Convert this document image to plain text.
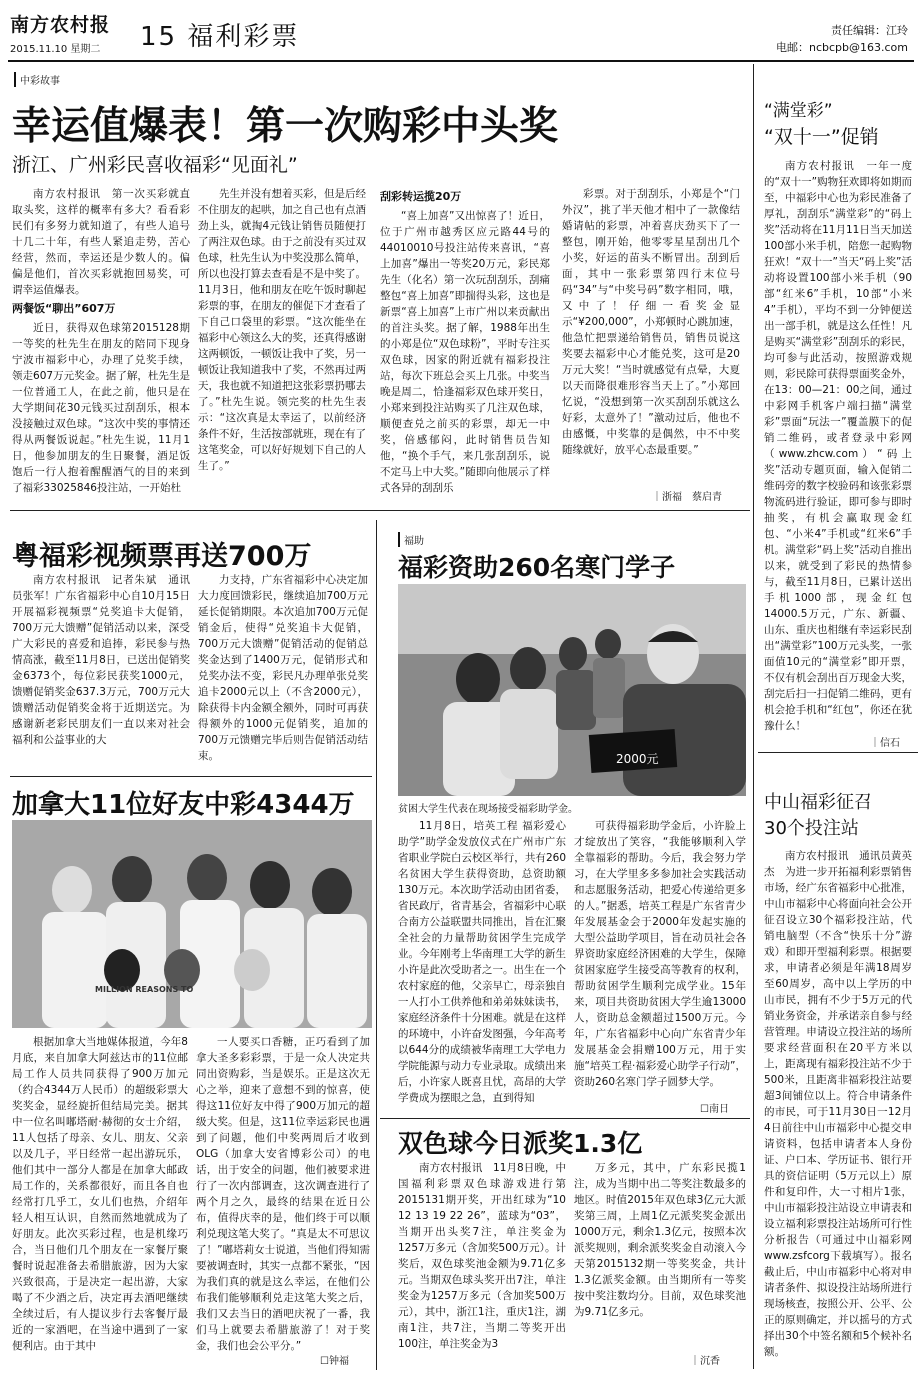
南方农村报
2015.11.10 星期二 15 福利彩票	责任编辑：江玲
电邮：ncbcpb@163.com
中彩故事
幸运值爆表！第一次购彩中头奖
浙江、广州彩民喜收福彩“见面礼”

南方农村报讯　第一次买彩就直取头奖，这样的概率有多大？看看彩民们有多努力就知道了，有些人追号十几二十年，有些人紧追走势，苦心经营，然而，幸运还是少数人的。偏偏是他们，首次买彩就抱回易奖，可谓幸运值爆表。

两餐饭“聊出”607万

近日，获得双色球第2015128期一等奖的杜先生在朋友的陪同下现身宁波市福彩中心，办理了兑奖手续，领走607万元奖金。据了解，杜先生是一位普通工人，在此之前，他只是在大学期间花30元钱买过刮刮乐，根本没接触过双色球。“这次中奖的事情还得从两餐饭说起。”杜先生说，11月1日，他参加朋友的生日聚餐，酒足饭饱后一行人抱着醒醒酒气的目的来到了福彩33025846投注站，一开始杜

先生并没有想着买彩，但是后经不住朋友的起哄，加之自己也有点酒劲上头，就掏4元钱让销售员随便打了两注双色球。由于之前没有买过双色球，杜先生认为中奖没那么简单，所以也没打算去查看是不是中奖了。11月3日，他和朋友在吃午饭时聊起彩票的事，在朋友的催促下才查看了下自己口袋里的彩票。“这次能坐在福彩中心领这么大的奖，还真得感谢这两顿饭，一顿饭让我中了奖，另一顿饭让我知道我中了奖，不然再过两天，我也就不知道把这张彩票扔哪去了。”杜先生说。领完奖的杜先生表示：“这次真是太幸运了，以前经济条件不好，生活按部就班，现在有了这笔奖金，可以好好规划下自己的人生了。”

刮彩转运揽20万

“喜上加喜”又出惊喜了！近日，位于广州市越秀区应元路44号的44010010号投注站传来喜讯，“喜上加喜”爆出一等奖20万元，彩民郑先生（化名）第一次玩刮刮乐，刮痛整包“喜上加喜”即揣得头彩，这也是新票“喜上加喜”上市广州以来贡献出的首注头奖。据了解，1988年出生的小郑是位“双色球粉”，平时专注买双色球，因家的附近就有福彩投注站，每次下班总会买上几张。中奖当晚是周二，恰逢福彩双色球开奖日，小郑来到投注站购买了几注双色球，顺便查兑之前买的彩票，却无一中奖，倍感郁闷，此时销售员告知他，“换个手气，来几张刮刮乐，说不定马上中大奖。”随即向他展示了样式各异的刮刮乐

彩票。对于刮刮乐，小郑是个“门外汉”，挑了半天他才相中了一款像结婚请帖的彩票，冲着喜庆劲买下了一整包，刚开始，他零零星星刮出几个小奖，好运的苗头不断冒出。刮到后面，其中一张彩票第四行末位号码“34”与“中奖号码”数字相同，哦，又中了！仔细一看奖金显示“¥200,000”，小郑顿时心跳加速，他急忙把票递给销售员，销售员说这奖要去福彩中心才能兑奖，这可是20万元大奖！“当时就感觉有点晕，大夏以天而降很难形容当天上了。”小郑回忆说，“没想到第一次买刮刮乐就这么好彩，太意外了！”激动过后，他也不由感慨，中奖靠的是偶然，中不中奖随缘就好，放平心态最重要。”

｜浙福　蔡启青
粤福彩视频票再送700万

南方农村报讯　记者朱斌　通讯员张军！广东省福彩中心自10月15日开展福彩视频票“兑奖追卡大促销，700万元大馈赠”促销活动以来，深受广大彩民的喜爱和追捧，彩民参与热情高涨，截至11月8日，已送出促销奖金6373个，每位彩民获奖1000元，馈赠促销奖金637.3万元，700万元大馈赠活动促销奖金将于近期送完。为感谢新老彩民朋友们一直以来对社会福利和公益事业的大

力支持，广东省福彩中心决定加大力度回馈彩民，继续追加700万元延长促销期限。本次追加700万元促销金后，使得“兑奖追卡大促销，700万元大馈赠”促销活动的促销总奖金达到了1400万元，促销形式和兑奖办法不变，彩民凡办理单张兑奖追卡2000元以上（不含2000元），除获得卡内金额全额外，同时可再获得额外的1000元促销奖，追加的700万元馈赠完毕后则告促销活动结束。

福助
福彩资助260名寒门学子
2000元
贫困大学生代表在现场接受福彩助学金。

11月8日，培英工程 福彩爱心助学”助学金发放仪式在广州市广东省职业学院白云校区举行，共有260名贫困大学生获得资助，总资助额130万元。本次助学活动由团省委，省民政厅，省青基会，省福彩中心联合南方公益联盟共同推出，旨在汇聚全社会的力量帮助贫困学生完成学业。今年刚考上华南理工大学的新生小许是此次受助者之一。出生在一个农村家庭的他，父亲早亡，母亲独自一人打小工供养他和弟弟妹妹读书，家庭经济条件十分困难。就是在这样的环境中，小许奋发图强，今年高考以644分的成绩被华南理工大学电力学院能源与动力专业录取。成绩出来后，小许家人既喜且忧，高昂的大学学费成为摆眼之急，直到得知

可获得福彩助学金后，小许脸上才绽放出了笑容，“我能够顺利入学全靠福彩的帮助。今后，我会努力学习，在大学里多多参加社会实践活动和志愿服务活动，把爱心传递给更多的人。”据悉，培英工程是广东省青少年发展基金会于2000年发起实施的大型公益助学项目，旨在动员社会各界资助家庭经济困难的大学生，保障贫困家庭学生接受高等教育的权利，帮助贫困学生顺利完成学业。15年来，项目共资助贫困大学生逾13000人，资助总金额超过1500万元。今年，广东省福彩中心向广东省青少年发展基金会捐赠100万元，用于实施“培英工程·福彩爱心助学子行动”，资助260名寒门学子圆梦大学。

☐南日
加拿大11位好友中彩4344万
MILLION REASONS TO

根据加拿大当地媒体报道，今年8月底，来自加拿大阿兹达市的11位邮局工作人员共同获得了900万加元（约合4344万人民币）的超级彩票大奖奖金，显经旋折但结局完美。据其中一位名叫嘟塔耐·赫彻的女士介绍，11人包括了母亲、女儿、朋友、父亲以及几子，平日经常一起出游玩乐，他们其中一部分人都是在加拿大邮政局工作的，关系都很好，而且各自也经常打几乎工，女儿们也热，介绍年轻人相互认识，自然而然地就成为了好朋友。此次买彩过程，也是机缘巧合，当日他们几个朋友在一家餐厅聚餐时说起准备去希腊旅游，因为大家兴致很高，于是决定一起出游，大家喝了不少酒之后，决定再去酒吧继续全续过后，有人提议步行去客餐厅最近的一家酒吧，在当途中遇到了一家便利店。由于其中

一人要买口香糖，正巧看到了加拿大圣多彩彩票，于是一众人决定共同出资购彩，当是娱乐。正是这次无心之举，迎来了意想不到的惊喜，使得这11位好友中得了900万加元的超级大奖。但是，这11位幸运彩民也遇到了问题，他们中奖两周后才收到OLG（加拿大安省博彩公司）的电话，出于安全的问题，他们被要求进行了一次内部调查，这次调查进行了两个月之久，最终的结果在近日公布，值得庆幸的是，他们终于可以顺利兑现这笔大奖了。“真是太不可思议了！”嘟塔莉女士说道，当他们得知需要被调查时，其实一点都不紧张，“因为我们真的就是这么幸运，在他们公布我们能够顺利兑走这笔大奖之后，我们又去当日的酒吧庆祝了一番，我们马上就要去希腊旅游了！对于奖金，我们也会公平分。”

☐钟福
双色球今日派奖1.3亿

南方农村报讯　11月8日晚，中国福利彩票双色球游戏进行第2015131期开奖，开出红球为“10 12 13 19 22 26”，蓝球为“03”，当期开出头奖7注，单注奖金为1257万多元（含加奖500万元）。计奖后，双色球奖池金额为9.71亿多元。当期双色球头奖开出7注，单注奖金为1257万多元（含加奖500万元），其中，浙江1注，重庆1注，湖南1注，共7注，当期二等奖开出100注，单注奖金为3

万多元，其中，广东彩民揽1注，成为当期中出二等奖注数最多的地区。时值2015年双色球3亿元大派奖第三周，上周1亿元派奖奖金派出1000万元，剩余1.3亿元，按照本次派奖规则，剩余派奖奖金自动滚入今天第2015132期一等奖奖金，共计1.3亿派奖金额。由当期所有一等奖按中奖注数均分。目前，双色球奖池为9.71亿多元。

｜沉香
“满堂彩”
“双十一”促销

南方农村报讯　一年一度的“双十一”购物狂欢即将如期而至，中福彩中心也为彩民准备了厚礼，刮刮乐“满堂彩”的“码上奖”活动将在11月11日当天加送100部小米手机，陪您一起购物狂欢！“双十一”当天“码上奖”活动将设置100部小米手机（90部“红米6”手机，10部“小米4”手机），平均不到一分钟便送出一部手机，就是这么任性！凡是购买“满堂彩”刮刮乐的彩民，均可参与此活动，按照游戏规则，彩民除可获得票面奖金外，在13：00—21：00之间，通过中彩网手机客户端扫描“满堂彩”票面“玩法一”覆盖膜下的促销二维码，或者登录中彩网（www.zhcw.com）“码上奖”活动专题页面，输入促销二维码旁的数字校验码和该张彩票物流码进行验证，即可参与即时抽奖，有机会赢取现金红包、“小米4”手机或“红米6”手机。满堂彩“码上奖”活动自推出以来，就受到了彩民的热情参与，截至11月8日，已累计送出手机1000部，现金红包14000.5万元，广东、新疆、山东、重庆也相继有幸运彩民刮出“满堂彩”100万元头奖，一张面值10元的“满堂彩”即开票，不仅有机会刮出百万现金大奖，刮完后扫一扫促销二维码，更有机会抢手机和“红包”，你还在犹豫什么！

｜信石
中山福彩征召
30个投注站

南方农村报讯　通讯员黄英杰　为进一步开拓福利彩票销售市场，经广东省福彩中心批准，中山市福彩中心将面向社会公开征召设立30个福彩投注站，代销电脑型（不含“快乐十分”游戏）和即开型福利彩票。根据要求，申请者必须是年满18周岁至60周岁，高中以上学历的中山市民，拥有不少于5万元的代销业务资金，并承诺亲自参与经营管理。申请设立投注站的场所要求经营面积在20平方米以上，距离现有福彩投注站不少于500米，且距离非福彩投注站要超3间铺位以上。符合申请条件的市民，可于11月30日一12月4日前往中山市福彩中心提交申请资料，包括申请者本人身份证、户口本、学历证书、银行开具的资信证明（5万元以上）原件和复印件，大一寸相片1张，中山市福彩投注站设立申请表和设立福利彩票投注站场所可行性分析报告（可通过中山福彩网www.zsfcorg下载填写）。报名截止后，中山市福彩中心将对申请者条件、拟设投注站场所进行现场核查，按照公开、公平、公正的原则确定，并以摇号的方式择出30个中签名额和5个候补名额。
